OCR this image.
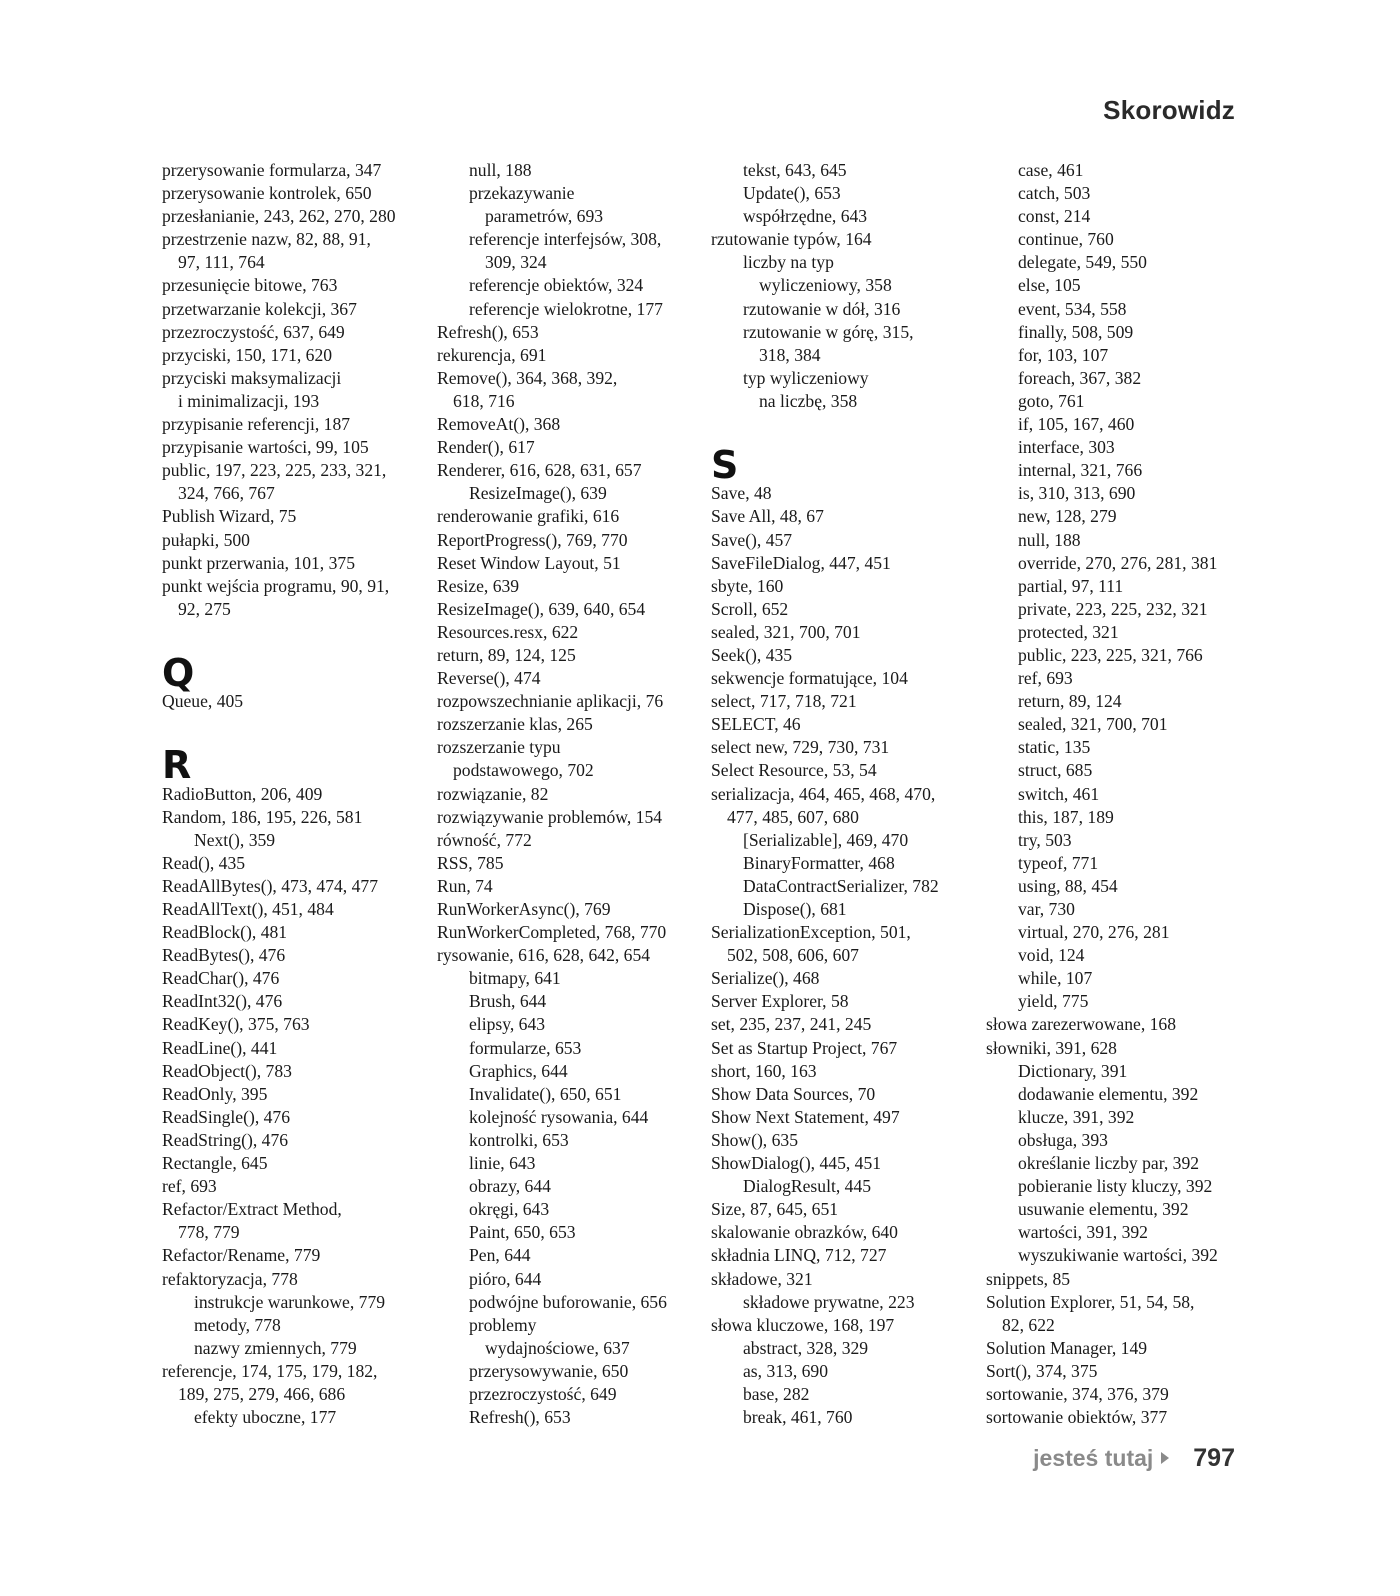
Skorowidz
przerysowanie formularza, 347
przerysowanie kontrolek, 650
przesłanianie, 243, 262, 270, 280
przestrzenie nazw, 82, 88, 91,
97, 111, 764
przesunięcie bitowe, 763
przetwarzanie kolekcji, 367
przezroczystość, 637, 649
przyciski, 150, 171, 620
przyciski maksymalizacji
i minimalizacji, 193
przypisanie referencji, 187
przypisanie wartości, 99, 105
public, 197, 223, 225, 233, 321,
324, 766, 767
Publish Wizard, 75
pułapki, 500
punkt przerwania, 101, 375
punkt wejścia programu, 90, 91,
92, 275
Q
Queue, 405
R
RadioButton, 206, 409
Random, 186, 195, 226, 581
Next(), 359
Read(), 435
ReadAllBytes(), 473, 474, 477
ReadAllText(), 451, 484
ReadBlock(), 481
ReadBytes(), 476
ReadChar(), 476
ReadInt32(), 476
ReadKey(), 375, 763
ReadLine(), 441
ReadObject(), 783
ReadOnly, 395
ReadSingle(), 476
ReadString(), 476
Rectangle, 645
ref, 693
Refactor/Extract Method,
778, 779
Refactor/Rename, 779
refaktoryzacja, 778
instrukcje warunkowe, 779
metody, 778
nazwy zmiennych, 779
referencje, 174, 175, 179, 182,
189, 275, 279, 466, 686
efekty uboczne, 177
null, 188
przekazywanie
parametrów, 693
referencje interfejsów, 308,
309, 324
referencje obiektów, 324
referencje wielokrotne, 177
Refresh(), 653
rekurencja, 691
Remove(), 364, 368, 392,
618, 716
RemoveAt(), 368
Render(), 617
Renderer, 616, 628, 631, 657
ResizeImage(), 639
renderowanie grafiki, 616
ReportProgress(), 769, 770
Reset Window Layout, 51
Resize, 639
ResizeImage(), 639, 640, 654
Resources.resx, 622
return, 89, 124, 125
Reverse(), 474
rozpowszechnianie aplikacji, 76
rozszerzanie klas, 265
rozszerzanie typu
podstawowego, 702
rozwiązanie, 82
rozwiązywanie problemów, 154
równość, 772
RSS, 785
Run, 74
RunWorkerAsync(), 769
RunWorkerCompleted, 768, 770
rysowanie, 616, 628, 642, 654
bitmapy, 641
Brush, 644
elipsy, 643
formularze, 653
Graphics, 644
Invalidate(), 650, 651
kolejność rysowania, 644
kontrolki, 653
linie, 643
obrazy, 644
okręgi, 643
Paint, 650, 653
Pen, 644
pióro, 644
podwójne buforowanie, 656
problemy
wydajnościowe, 637
przerysowywanie, 650
przezroczystość, 649
Refresh(), 653
tekst, 643, 645
Update(), 653
współrzędne, 643
rzutowanie typów, 164
liczby na typ
wyliczeniowy, 358
rzutowanie w dół, 316
rzutowanie w górę, 315,
318, 384
typ wyliczeniowy
na liczbę, 358
S
Save, 48
Save All, 48, 67
Save(), 457
SaveFileDialog, 447, 451
sbyte, 160
Scroll, 652
sealed, 321, 700, 701
Seek(), 435
sekwencje formatujące, 104
select, 717, 718, 721
SELECT, 46
select new, 729, 730, 731
Select Resource, 53, 54
serializacja, 464, 465, 468, 470,
477, 485, 607, 680
[Serializable], 469, 470
BinaryFormatter, 468
DataContractSerializer, 782
Dispose(), 681
SerializationException, 501,
502, 508, 606, 607
Serialize(), 468
Server Explorer, 58
set, 235, 237, 241, 245
Set as Startup Project, 767
short, 160, 163
Show Data Sources, 70
Show Next Statement, 497
Show(), 635
ShowDialog(), 445, 451
DialogResult, 445
Size, 87, 645, 651
skalowanie obrazków, 640
składnia LINQ, 712, 727
składowe, 321
składowe prywatne, 223
słowa kluczowe, 168, 197
abstract, 328, 329
as, 313, 690
base, 282
break, 461, 760
case, 461
catch, 503
const, 214
continue, 760
delegate, 549, 550
else, 105
event, 534, 558
finally, 508, 509
for, 103, 107
foreach, 367, 382
goto, 761
if, 105, 167, 460
interface, 303
internal, 321, 766
is, 310, 313, 690
new, 128, 279
null, 188
override, 270, 276, 281, 381
partial, 97, 111
private, 223, 225, 232, 321
protected, 321
public, 223, 225, 321, 766
ref, 693
return, 89, 124
sealed, 321, 700, 701
static, 135
struct, 685
switch, 461
this, 187, 189
try, 503
typeof, 771
using, 88, 454
var, 730
virtual, 270, 276, 281
void, 124
while, 107
yield, 775
słowa zarezerwowane, 168
słowniki, 391, 628
Dictionary, 391
dodawanie elementu, 392
klucze, 391, 392
obsługa, 393
określanie liczby par, 392
pobieranie listy kluczy, 392
usuwanie elementu, 392
wartości, 391, 392
wyszukiwanie wartości, 392
snippets, 85
Solution Explorer, 51, 54, 58,
82, 622
Solution Manager, 149
Sort(), 374, 375
sortowanie, 374, 376, 379
sortowanie obiektów, 377
jesteś tutaj 797
